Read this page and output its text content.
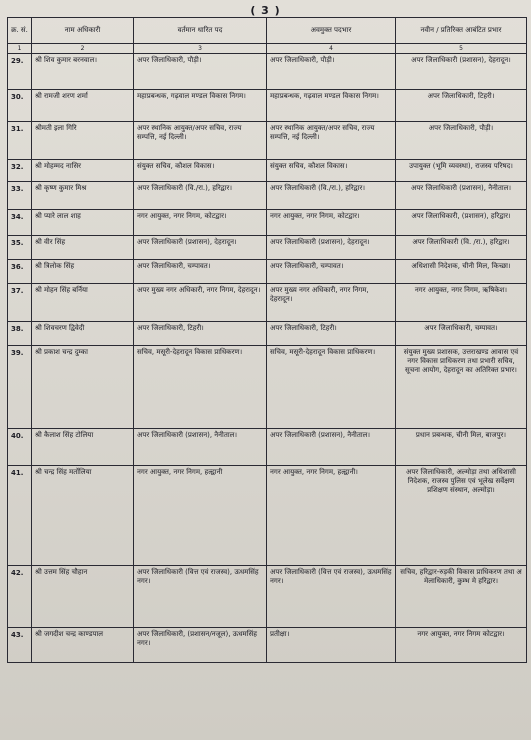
( 3 )
क्र. सं.	नाम अधिकारी	वर्तमान धारित पद	अवमुक्त पदभार	नवीन / प्रतिरिक्त आबंटित प्रभार
1	2	3	4	5
29.	श्री शिव कुमार बरनवाल।	अपर जिलाधिकारी, पौड़ी।	अपर जिलाधिकारी, पौड़ी।	अपर जिलाधिकारी (प्रशासन), देहरादून।
30.	श्री रामजी शरण शर्मा	महाप्रबन्धक, गढ़वाल मण्डल विकास निगम।	महाप्रबन्धक, गढ़वाल मण्डल विकास निगम।	अपर जिलाधिकारी, टिहरी।
31.	श्रीमती इला गिरि	अपर स्थानिक आयुक्त/अपर सचिव, राज्य सम्पत्ति, नई दिल्ली।	अपर स्थानिक आयुक्त/अपर सचिव, राज्य सम्पत्ति, नई दिल्ली।	अपर जिलाधिकारी, पौड़ी।
32.	श्री मोहम्मद नासिर	संयुक्त सचिव, कौशल विकास।	संयुक्त सचिव, कौशल विकास।	उपायुक्त (भूमि व्यवस्था), राजस्व परिषद।
33.	श्री कृष्ण कुमार मिश्र	अपर जिलाधिकारी (वि./रा.), हरिद्वार।	अपर जिलाधिकारी (वि./रा.), हरिद्वार।	अपर जिलाधिकारी (प्रशासन), नैनीताल।
34.	श्री प्यारे लाल शाह	नगर आयुक्त, नगर निगम, कोटद्वार।	नगर आयुक्त, नगर निगम, कोटद्वार।	अपर जिलाधिकारी, (प्रशासन), हरिद्वार।
35.	श्री वीर सिंह	अपर जिलाधिकारी (प्रशासन), देहरादून।	अपर जिलाधिकारी (प्रशासन), देहरादून।	अपर जिलाधिकारी (वि. /रा.), हरिद्वार।
36.	श्री त्रिलोक सिंह	अपर जिलाधिकारी, चम्पावत।	अपर जिलाधिकारी, चम्पावत।	अधिशासी निदेशक, चीनी मिल, किच्छा।
37.	श्री मोहन सिंह बर्निया	अपर मुख्य नगर अधिकारी, नगर निगम, देहरादून।	अपर मुख्य नगर अधिकारी, नगर निगम, देहरादून।	नगर आयुक्त, नगर निगम, ऋषिकेश।
38.	श्री शिवचरण द्विवेदी	अपर जिलाधिकारी, टिहरी।	अपर जिलाधिकारी, टिहरी।	अपर जिलाधिकारी, चम्पावत।
39.	श्री प्रकाश चन्द्र दुम्का	सचिव, मसूरी-देहरादून विकास प्राधिकरण।	सचिव, मसूरी-देहरादून विकास प्राधिकरण।	संयुक्त मुख्य प्रशासक, उत्तराखण्ड आवास एवं नगर विकास प्राधिकरण तथा प्रभारी सचिव, सूचना आयोग, देहरादून का अतिरिक्त प्रभार।
40.	श्री कैलाश सिंह टोलिया	अपर जिलाधिकारी (प्रशासन), नैनीताल।	अपर जिलाधिकारी (प्रशासन), नैनीताल।	प्रधान प्रबन्धक, चीनी मिल, बाजपुर।
41.	श्री चन्द्र सिंह मर्तोलिया	नगर आयुक्त, नगर निगम, हल्द्वानी	नगर आयुक्त, नगर निगम, हल्द्वानी।	अपर जिलाधिकारी, अल्मोड़ा तथा अधिशासी निदेशक, राजस्व पुलिस एवं भूलेख सर्वेक्षण प्रशिक्षण संस्थान, अल्मोड़ा।
42.	श्री उत्तम सिंह चौहान	अपर जिलाधिकारी (वित्त एवं राजस्व), ऊधमसिंह नगर।	अपर जिलाधिकारी (वित्त एवं राजस्व), ऊधमसिंह नगर।	सचिव, हरिद्वार-रुड़की विकास प्राधिकरण तथा अ मेलाधिकारी, कुम्भ मे हरिद्वार।
43.	श्री जगदीश चन्द्र काण्डपाल	अपर जिलाधिकारी, (प्रशासन/नजूल), ऊधमसिंह नगर।	प्रतीक्षा।	नगर आयुक्त, नगर निगम कोटद्वार।
